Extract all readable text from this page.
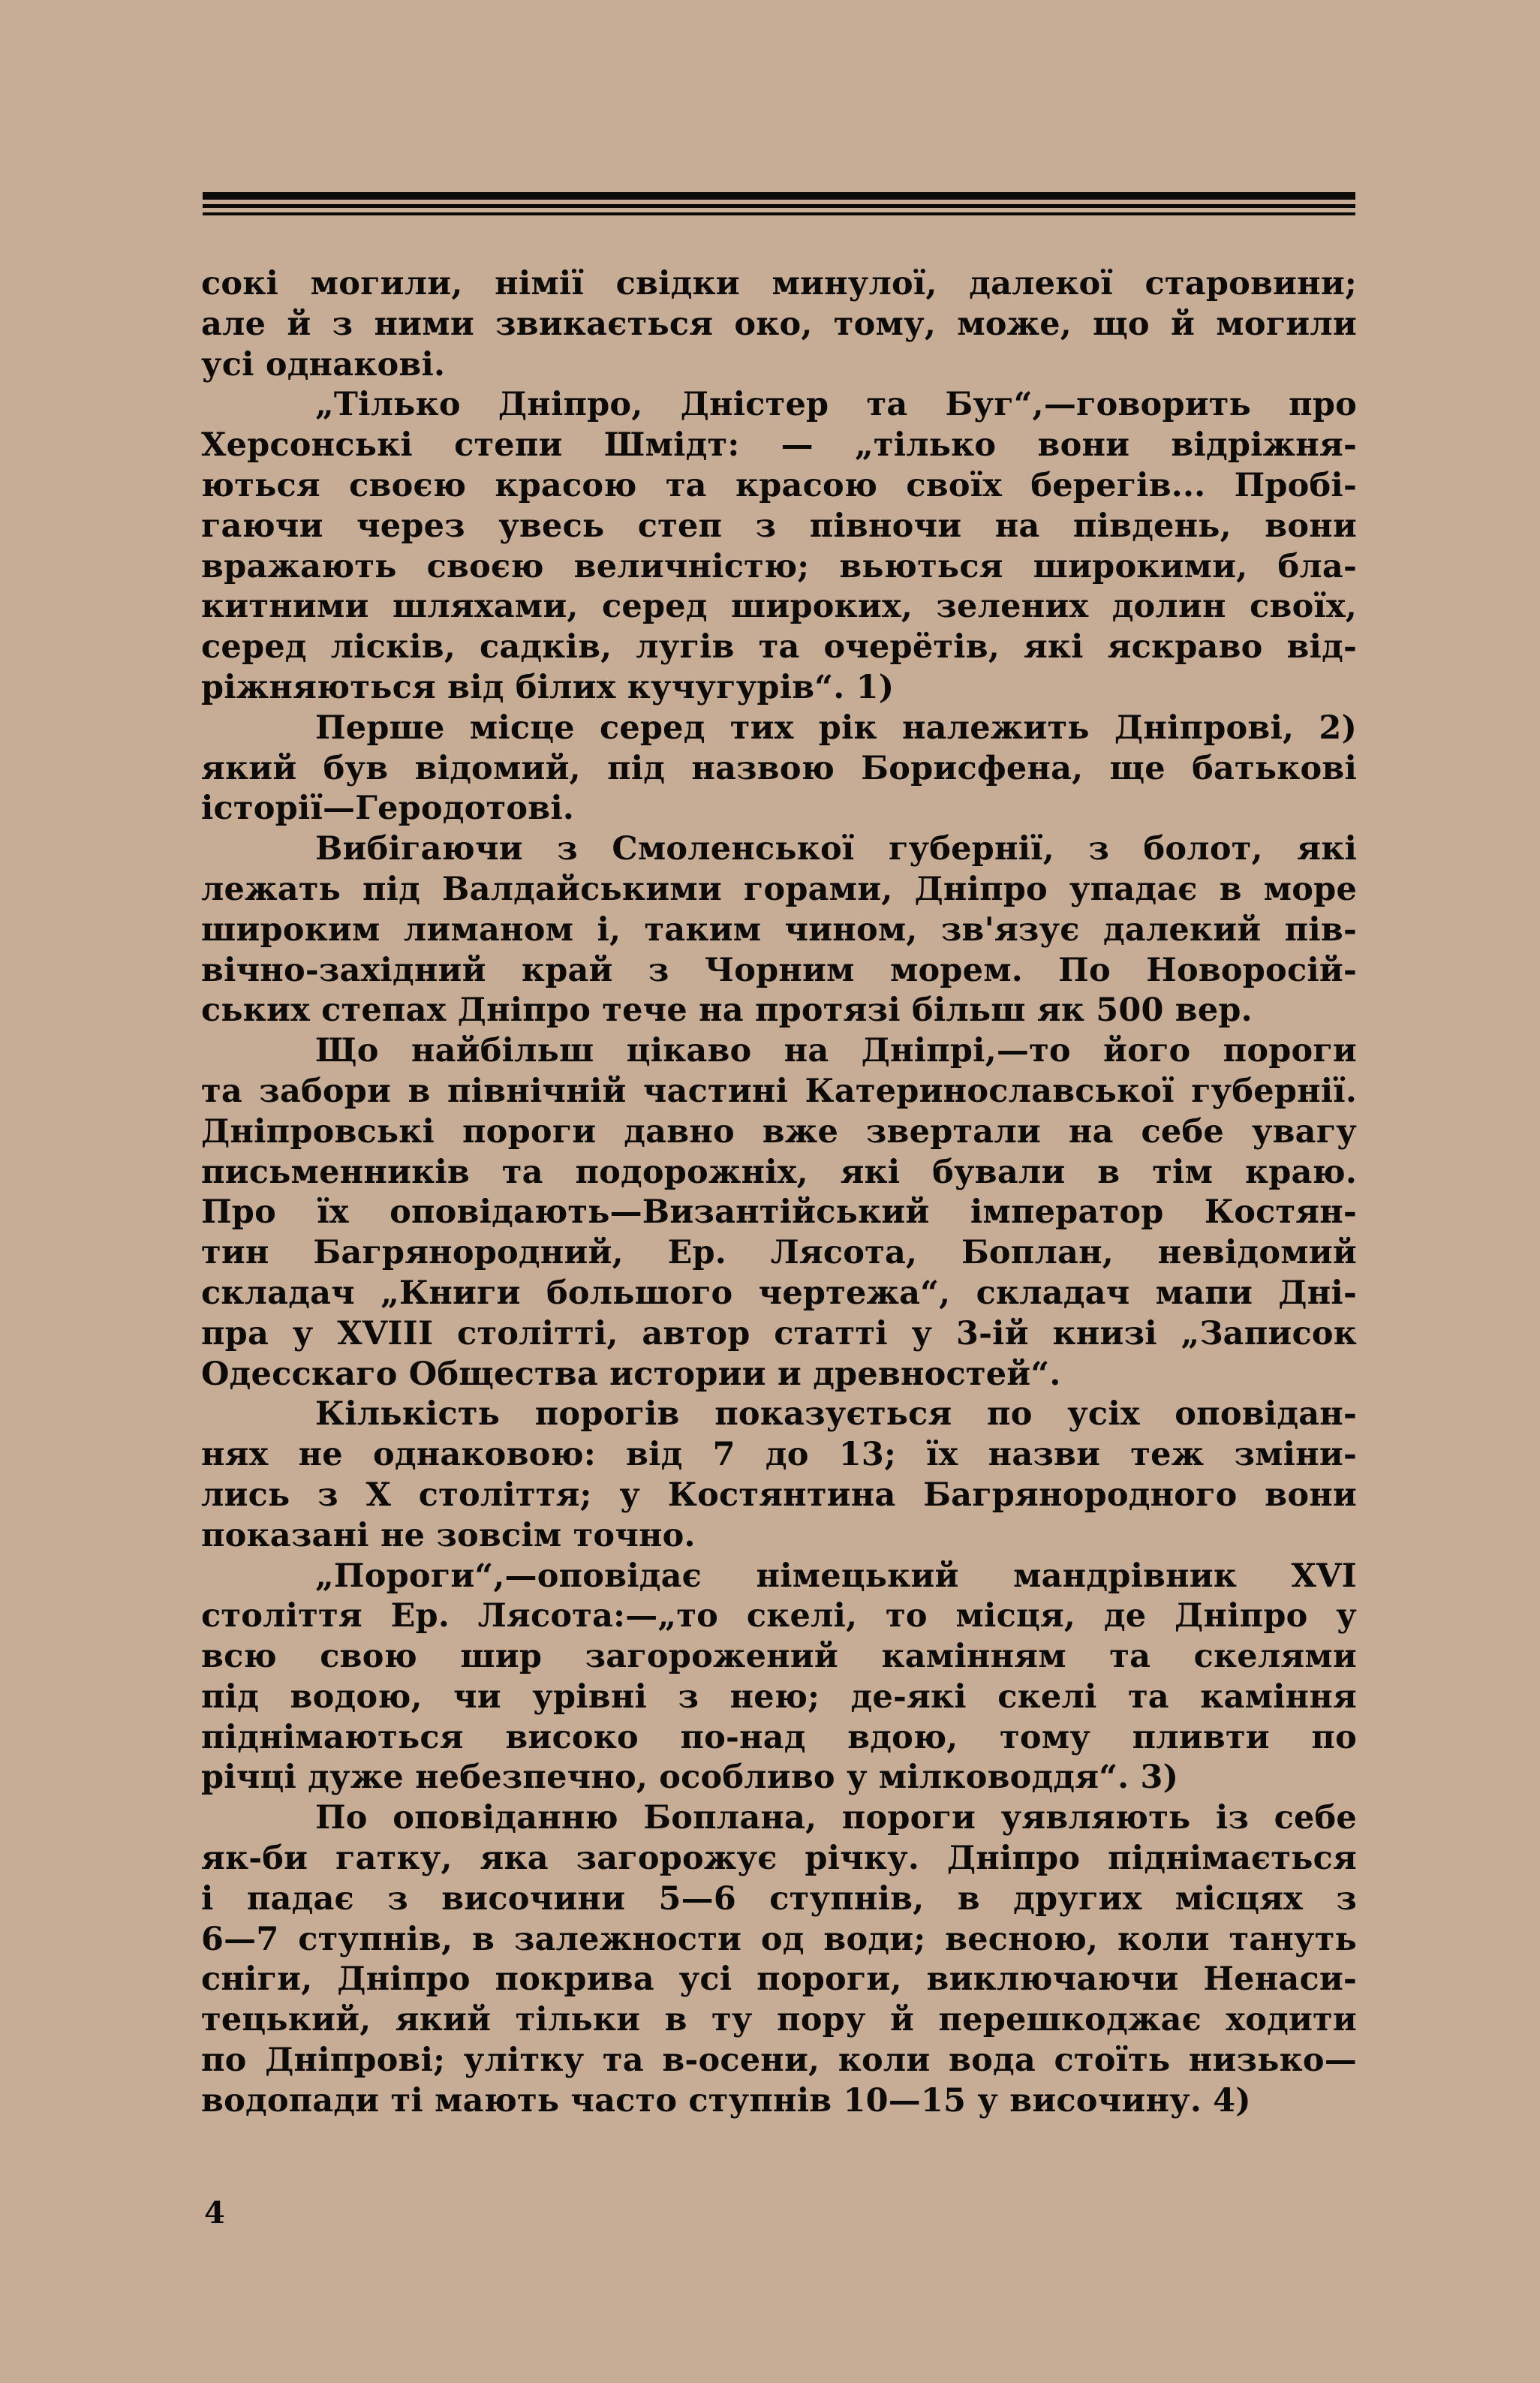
сокі могили, німії свідки минулої, далекої старовини;
але й з ними звикається око, тому, може, що й могили
усі однакові.
„Тілько Дніпро, Дністер та Буг“,—говорить про
Херсонські степи Шмідт: — „тілько вони відріжня-
ються своєю красою та красою своїх берегів... Пробі-
гаючи через увесь степ з півночи на південь, вони
вражають своєю величністю; вьються широкими, бла-
китними шляхами, серед широких, зелених долин своїх,
серед лісків, садків, лугів та очерётів, які яскраво від-
ріжняються від білих кучугурів“. 1)
Перше місце серед тих рік належить Дніпрові, 2)
який був відомий, під назвою Борисфена, ще батькові
історії—Геродотові.
Вибігаючи з Смоленської губернії, з болот, які
лежать під Валдайськими горами, Дніпро упадає в море
широким лиманом і, таким чином, зв'язує далекий пів-
вічно-західний край з Чорним морем. По Новоросій-
ських степах Дніпро тече на протязі більш як 500 вер.
Що найбільш цікаво на Дніпрі,—то його пороги
та забори в північній частині Катеринославської губернії.
Дніпровські пороги давно вже звертали на себе увагу
письменників та подорожніх, які бували в тім краю.
Про їх оповідають—Византійський імператор Костян-
тин Багрянородний, Ер. Лясота, Боплан, невідомий
складач „Книги большого чертежа“, складач мапи Дні-
пра у XVIII столітті, автор статті у 3-ій книзі „Записок
Одесскаго Общества истории и древностей“.
Кількість порогів показується по усіх оповідан-
нях не однаковою: від 7 до 13; їх назви теж зміни-
лись з X століття; у Костянтина Багрянородного вони
показані не зовсім точно.
„Пороги“,—оповідає німецький мандрівник XVI
століття Ер. Лясота:—„то скелі, то місця, де Дніпро у
всю свою шир загорожений камінням та скелями
під водою, чи урівні з нею; де-які скелі та каміння
піднімаються високо по-над вдою, тому пливти по
річці дуже небезпечно, особливо у мілководдя“. 3)
По оповіданню Боплана, пороги уявляють із себе
як-би гатку, яка загорожує річку. Дніпро піднімається
і падає з височини 5—6 ступнів, в других місцях з
6—7 ступнів, в залежности од води; весною, коли тануть
сніги, Дніпро покрива усі пороги, виключаючи Ненаси-
тецький, який тільки в ту пору й перешкоджає ходити
по Дніпрові; улітку та в-осени, коли вода стоїть низько—
водопади ті мають часто ступнів 10—15 у височину. 4)
4
